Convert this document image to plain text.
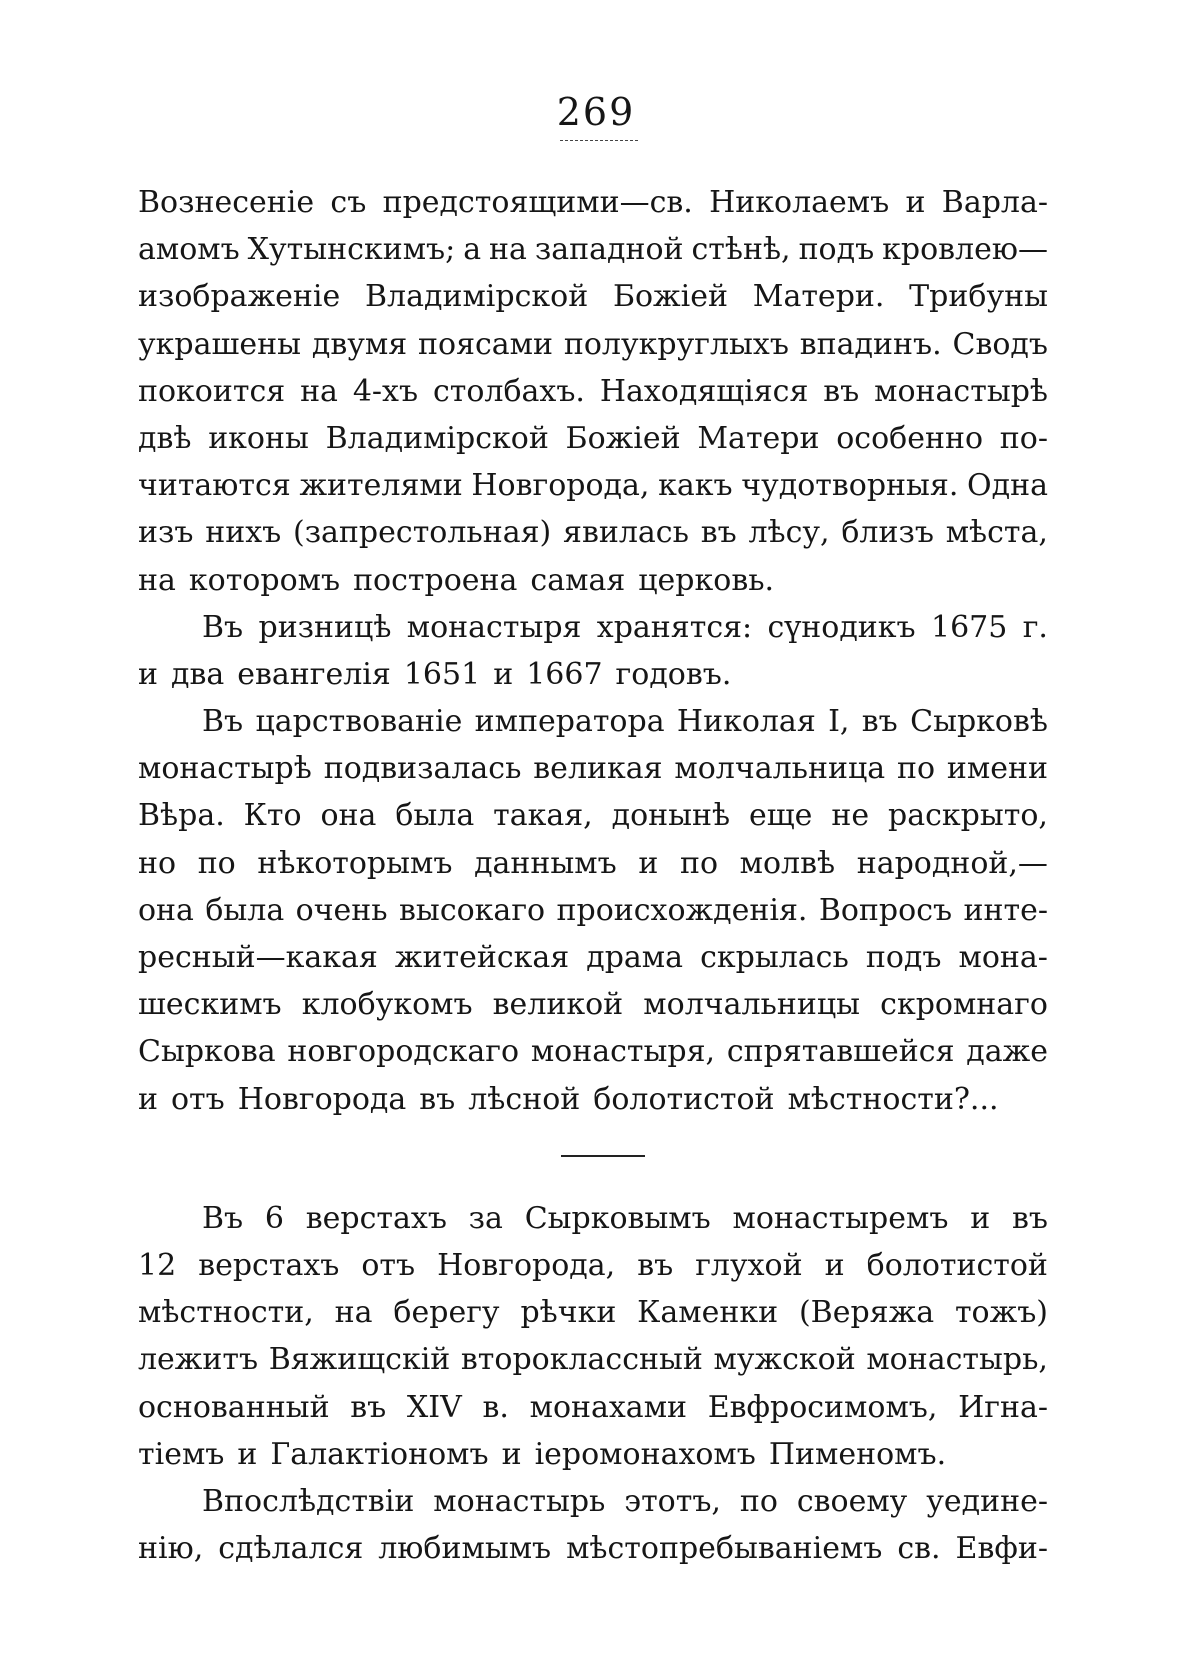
269
Вознесеніе съ предстоящими—св. Николаемъ и Варла-
амомъ Хутынскимъ; а на западной стѣнѣ, подъ кровлею—
изображеніе Владимірской Божіей Матери. Трибуны
украшены двумя поясами полукруглыхъ впадинъ. Сводъ
покоится на 4-хъ столбахъ. Находящіяся въ монастырѣ
двѣ иконы Владимірской Божіей Матери особенно по-
читаются жителями Новгорода, какъ чудотворныя. Одна
изъ нихъ (запрестольная) явилась въ лѣсу, близъ мѣста,
на которомъ построена самая церковь.
Въ ризницѣ монастыря хранятся: сүнодикъ 1675 г.
и два евангелія 1651 и 1667 годовъ.
Въ царствованіе императора Николая I, въ Сырковѣ
монастырѣ подвизалась великая молчальница по имени
Вѣра. Кто она была такая, донынѣ еще не раскрыто,
но по нѣкоторымъ даннымъ и по молвѣ народной,—
она была очень высокаго происхожденія. Вопросъ инте-
ресный—какая житейская драма скрылась подъ мона-
шескимъ клобукомъ великой молчальницы скромнаго
Сыркова новгородскаго монастыря, спрятавшейся даже
и отъ Новгорода въ лѣсной болотистой мѣстности?...
Въ 6 верстахъ за Сырковымъ монастыремъ и въ
12 верстахъ отъ Новгорода, въ глухой и болотистой
мѣстности, на берегу рѣчки Каменки (Веряжа тожъ)
лежитъ Вяжищскій второклассный мужской монастырь,
основанный въ XIV в. монахами Евфросимомъ, Игна-
тіемъ и Галактіономъ и іеромонахомъ Пименомъ.
Впослѣдствіи монастырь этотъ, по своему уедине-
нію, сдѣлался любимымъ мѣстопребываніемъ св. Евфи-
